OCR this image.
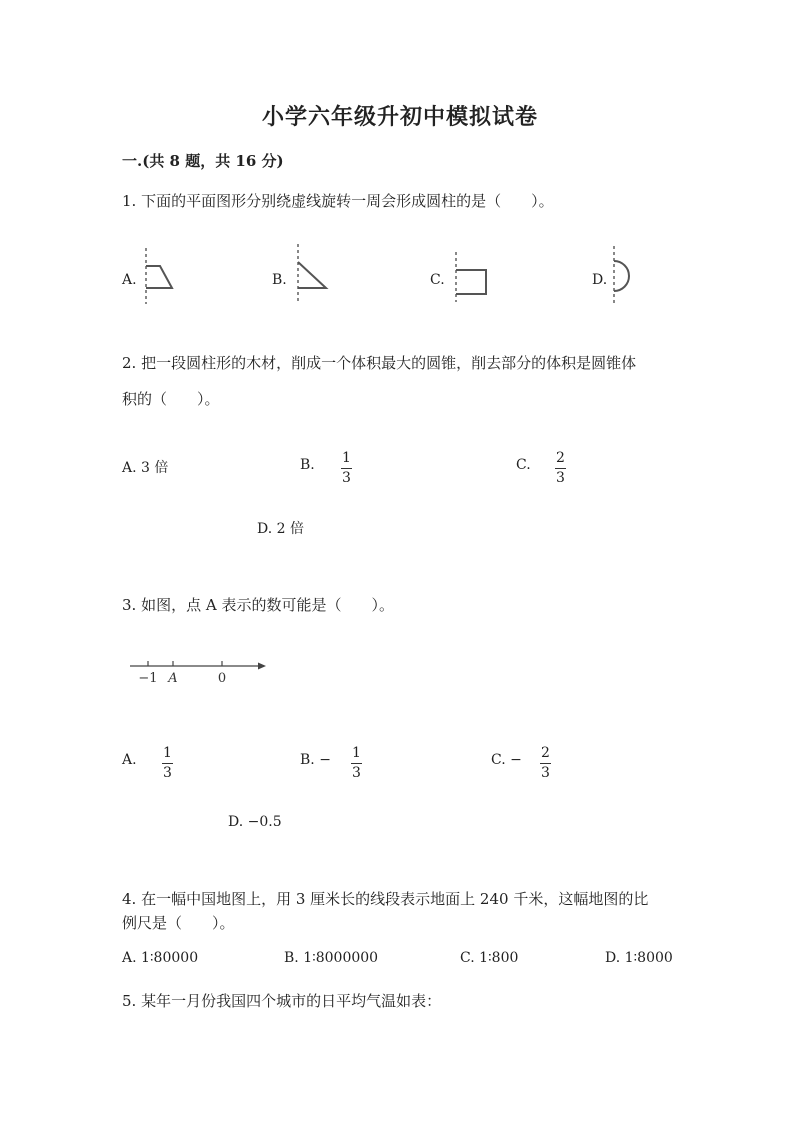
小学六年级升初中模拟试卷
一.(共 8 题，共 16 分)
1. 下面的平面图形分别绕虚线旋转一周会形成圆柱的是（　　）。
A.	B.	C.	D.
2. 把一段圆柱形的木材，削成一个体积最大的圆锥，削去部分的体积是圆锥体
积的（　　）。
A. 3 倍	B. 1
3
C. 2
3
D. 2 倍
3. 如图，点 A 表示的数可能是（　　）。
−1 A	0
A. 1
3
B. − 1
3
C. − 2
3
D. −0.5
4. 在一幅中国地图上，用 3 厘米长的线段表示地面上 240 千米，这幅地图的比
例尺是（　　）。
A. 1∶80000	B. 1∶8000000	C. 1∶800	D. 1∶8000
5. 某年一月份我国四个城市的日平均气温如表：
